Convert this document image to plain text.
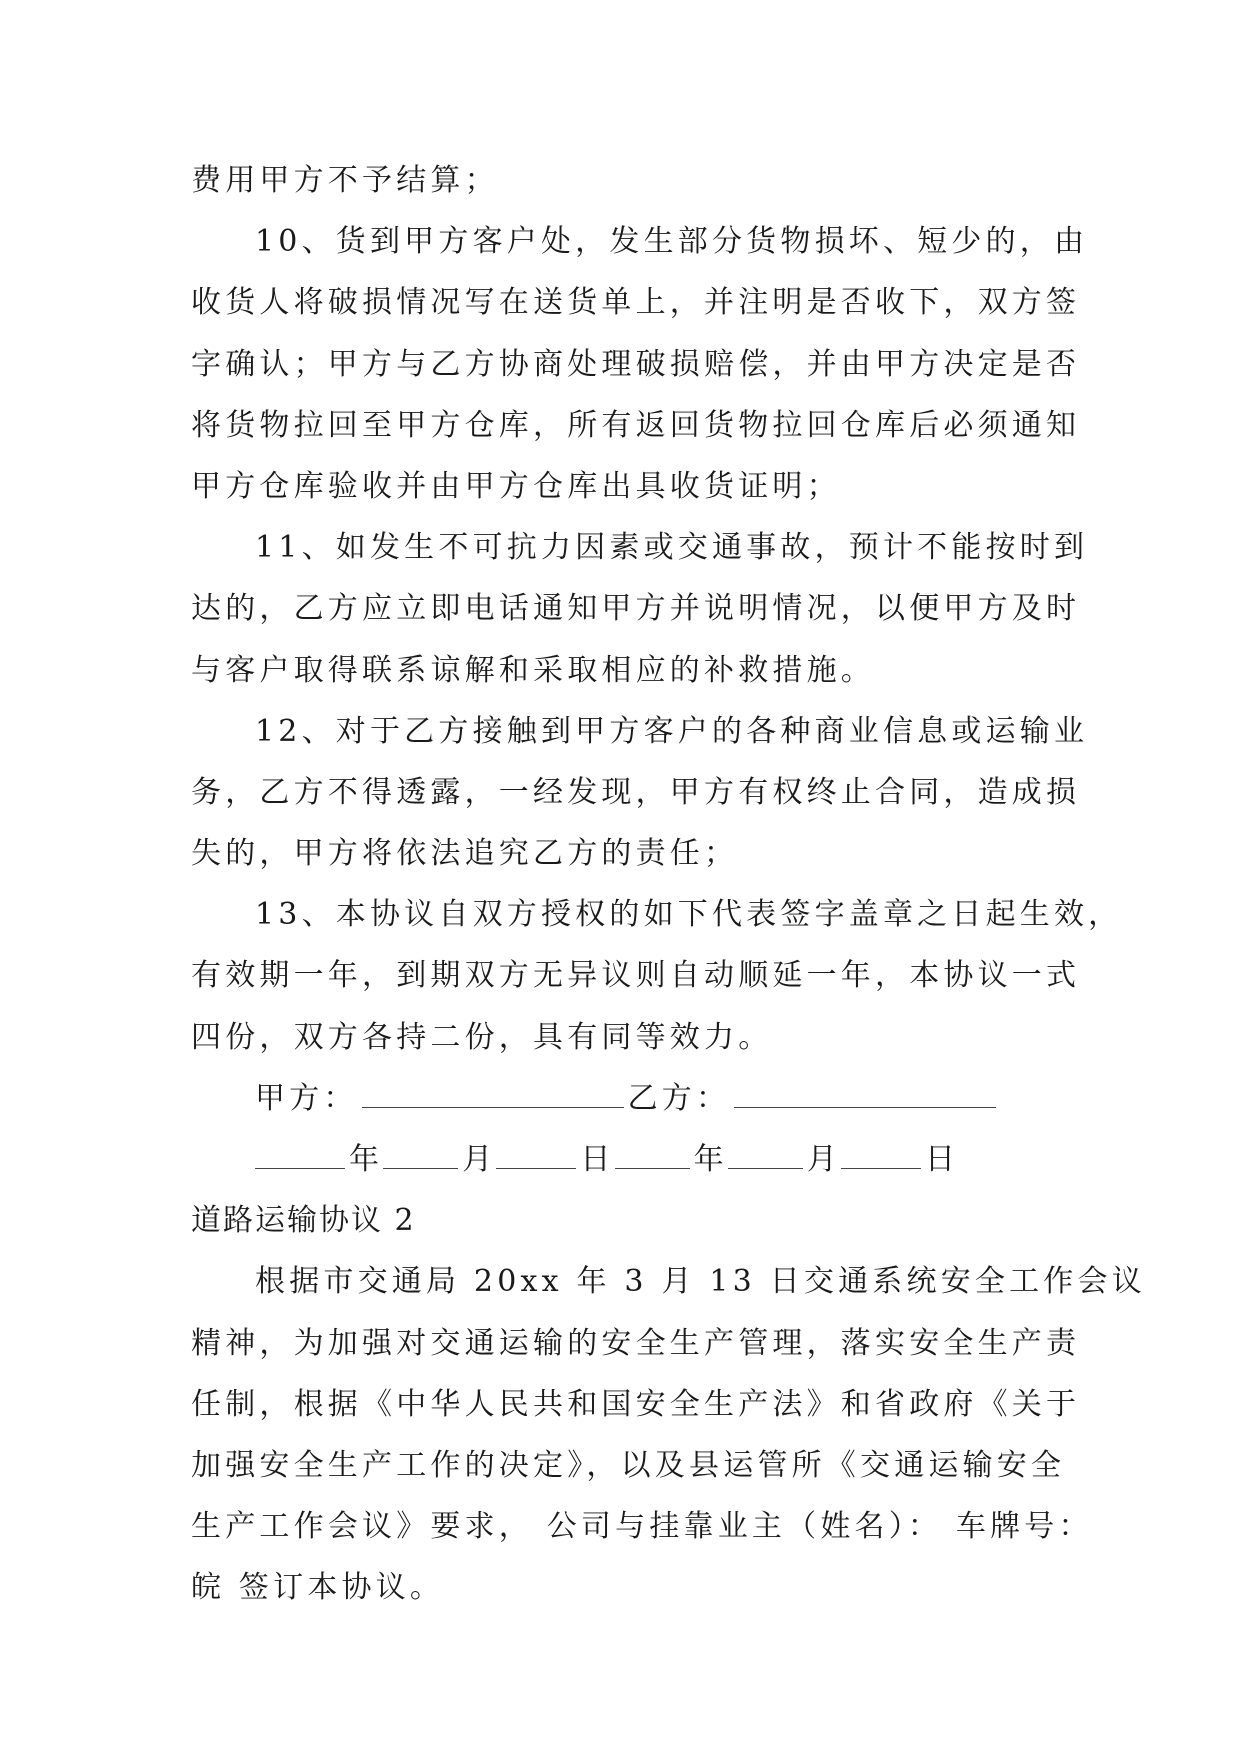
费用甲方不予结算；
10、货到甲方客户处，发生部分货物损坏、短少的，由
收货人将破损情况写在送货单上，并注明是否收下，双方签
字确认；甲方与乙方协商处理破损赔偿，并由甲方决定是否
将货物拉回至甲方仓库，所有返回货物拉回仓库后必须通知
甲方仓库验收并由甲方仓库出具收货证明；
11、如发生不可抗力因素或交通事故，预计不能按时到
达的，乙方应立即电话通知甲方并说明情况，以便甲方及时
与客户取得联系谅解和采取相应的补救措施。
12、对于乙方接触到甲方客户的各种商业信息或运输业
务，乙方不得透露，一经发现，甲方有权终止合同，造成损
失的，甲方将依法追究乙方的责任；
13、本协议自双方授权的如下代表签字盖章之日起生效，
有效期一年，到期双方无异议则自动顺延一年，本协议一式
四份，双方各持二份，具有同等效力。
甲方：	乙方：
年	月	日	年	月	日
道路运输协议 2
根据市交通局 20xx 年 3 月 13 日交通系统安全工作会议
精神，为加强对交通运输的安全生产管理，落实安全生产责
任制，根据《中华人民共和国安全生产法》和省政府《关于
加强安全生产工作的决定》，以及县运管所《交通运输安全
生产工作会议》要求， 公司与挂靠业主（姓名）： 车牌号：
皖 签订本协议。
